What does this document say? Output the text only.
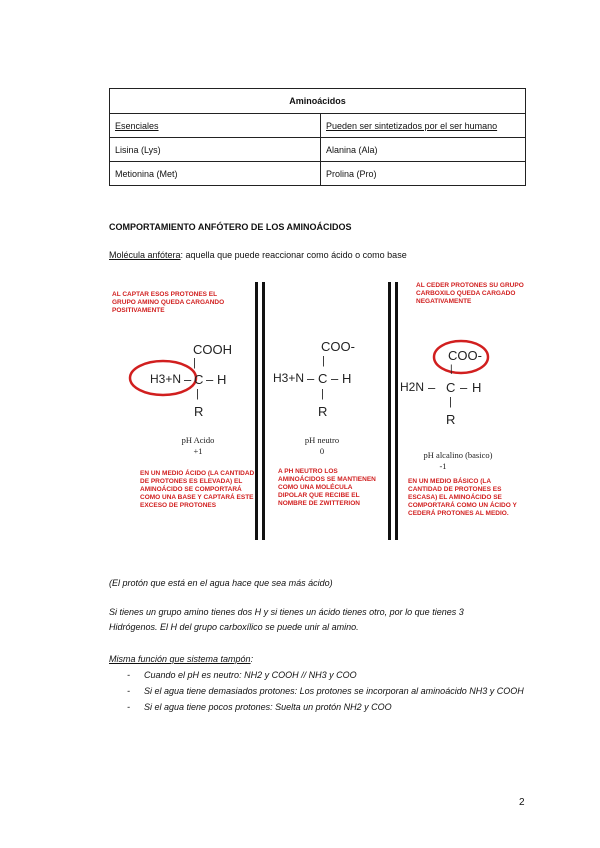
Aminoácidos	
Esenciales	Pueden ser sintetizados por el ser humano
Lisina (Lys)	Alanina (Ala)
Metionina (Met)	Prolina (Pro)
COMPORTAMIENTO ANFÓTERO DE LOS AMINOÁCIDOS
Molécula anfótera: aquella que puede reaccionar como ácido o como base
AL CAPTAR ESOS PROTONES EL GRUPO AMINO QUEDA CARGANDO POSITIVAMENTE
COOH
|
H3+N – C – H
|
R
pH Acido
+1
EN UN MEDIO ÁCIDO (LA CANTIDAD DE PROTONES ES ELEVADA) EL AMINOÁCIDO SE COMPORTARÁ COMO UNA BASE Y CAPTARÁ ESTE EXCESO DE PROTONES
COO-
|
H3+N – C – H
|
R
pH neutro
0
A PH NEUTRO LOS AMINOÁCIDOS SE MANTIENEN COMO UNA MOLÉCULA DIPOLAR QUE RECIBE EL NOMBRE DE ZWITTERION
AL CEDER PROTONES SU GRUPO CARBOXILO QUEDA CARGADO NEGATIVAMENTE
COO-
|
H2N – C – H
|
R
pH alcalino (basico)
-1
EN UN MEDIO BÁSICO (LA CANTIDAD DE PROTONES ES ESCASA) EL AMINOÁCIDO SE COMPORTARÁ COMO UN ÁCIDO Y CEDERÁ PROTONES AL MEDIO.
(El protón que está en el agua hace que sea más ácido)
Si tienes un grupo amino tienes dos H y si tienes un ácido tienes otro, por lo que tienes 3
Hidrógenos. El H del grupo carboxílico se puede unir al amino.
Misma función que sistema tampón:
- Cuando el pH es neutro: NH2 y COOH // NH3 y COO
- Si el agua tiene demasiados protones: Los protones se incorporan al aminoácido NH3 y COOH
- Si el agua tiene pocos protones: Suelta un protón NH2 y COO
2
